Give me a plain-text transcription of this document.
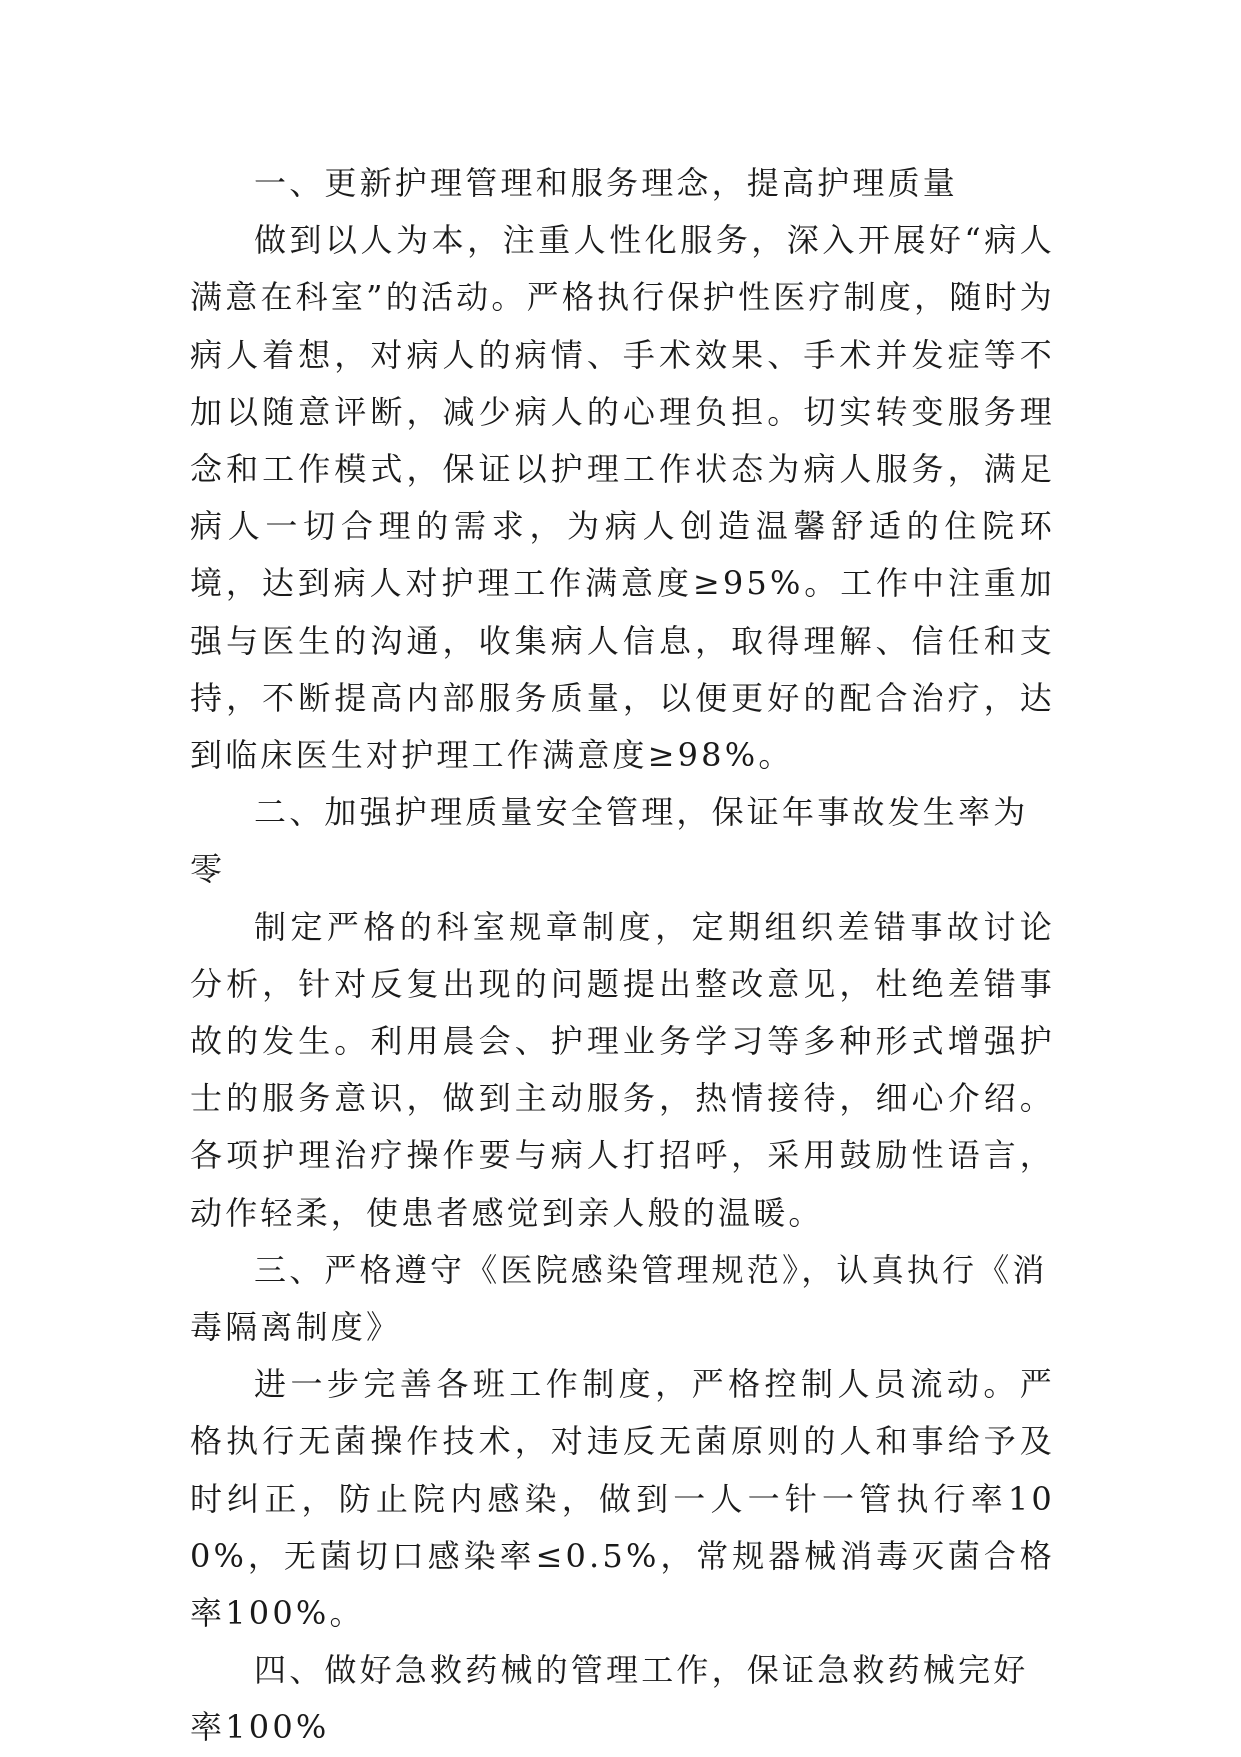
一、更新护理管理和服务理念，提高护理质量

做到以人为本，注重人性化服务，深入开展好“病人满意在科室”的活动。严格执行保护性医疗制度，随时为病人着想，对病人的病情、手术效果、手术并发症等不加以随意评断，减少病人的心理负担。切实转变服务理念和工作模式，保证以护理工作状态为病人服务，满足病人一切合理的需求，为病人创造温馨舒适的住院环境，达到病人对护理工作满意度≥95%。工作中注重加强与医生的沟通，收集病人信息，取得理解、信任和支持，不断提高内部服务质量，以便更好的配合治疗，达到临床医生对护理工作满意度≥98%。

二、加强护理质量安全管理，保证年事故发生率为零

制定严格的科室规章制度，定期组织差错事故讨论分析，针对反复出现的问题提出整改意见，杜绝差错事故的发生。利用晨会、护理业务学习等多种形式增强护士的服务意识，做到主动服务，热情接待，细心介绍。各项护理治疗操作要与病人打招呼，采用鼓励性语言，动作轻柔，使患者感觉到亲人般的温暖。

三、严格遵守《医院感染管理规范》，认真执行《消毒隔离制度》

进一步完善各班工作制度，严格控制人员流动。严格执行无菌操作技术，对违反无菌原则的人和事给予及时纠正，防止院内感染，做到一人一针一管执行率100%，无菌切口感染率≤0.5%，常规器械消毒灭菌合格率100%。

四、做好急救药械的管理工作，保证急救药械完好率100%
